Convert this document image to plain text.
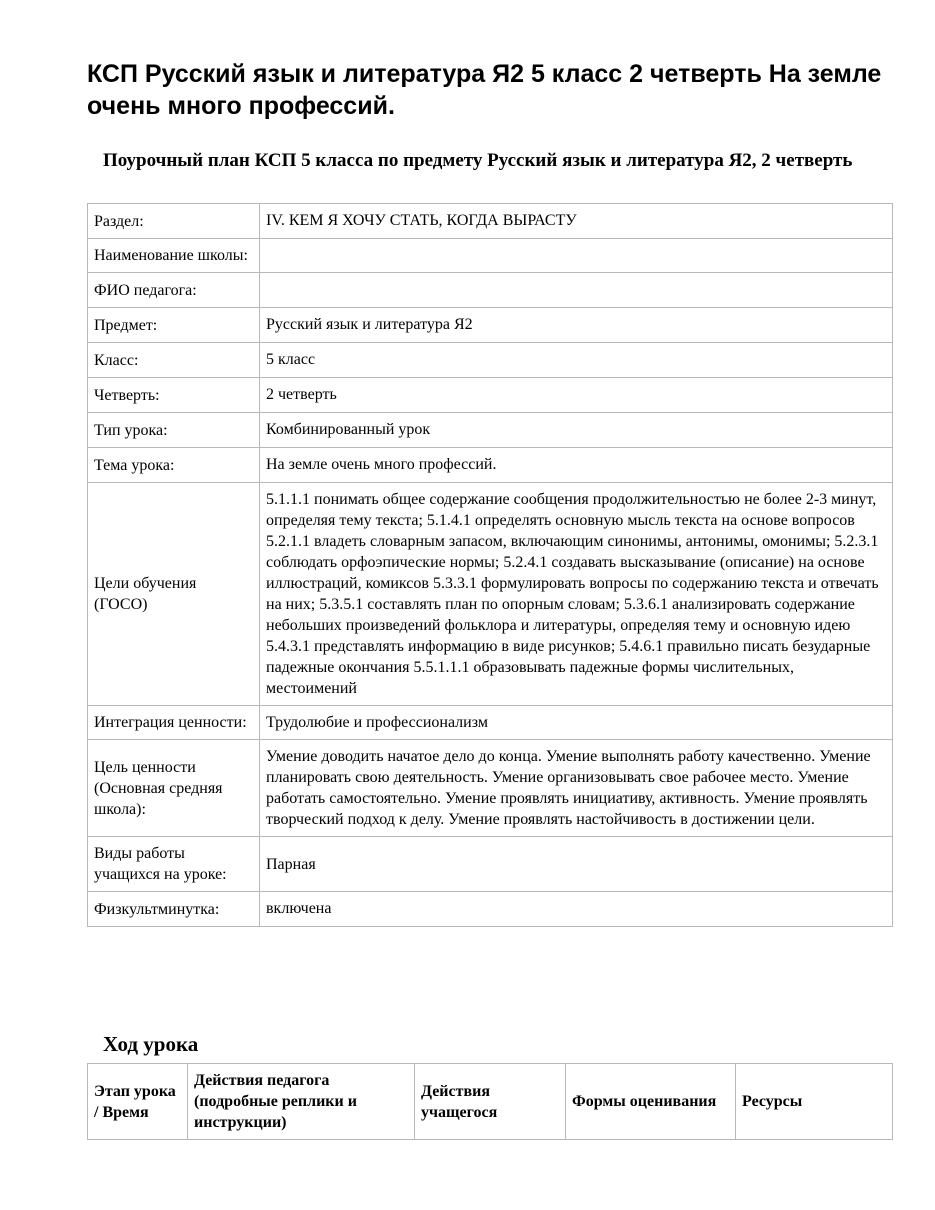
КСП Русский язык и литература Я2 5 класс 2 четверть На земле очень много профессий.
Поурочный план КСП 5 класса по предмету Русский язык и литература Я2, 2 четверть
Раздел:	IV. КЕМ Я ХОЧУ СТАТЬ, КОГДА ВЫРАСТУ
Наименование школы:	
ФИО педагога:	
Предмет:	Русский язык и литература Я2
Класс:	5 класс
Четверть:	2 четверть
Тип урока:	Комбинированный урок
Тема урока:	На земле очень много профессий.
Цели обучения (ГОСО)	5.1.1.1 понимать общее содержание сообщения продолжительностью не более 2-3 минут, определяя тему текста; 5.1.4.1 определять основную мысль текста на основе вопросов 5.2.1.1 владеть словарным запасом, включающим синонимы, антонимы, омонимы; 5.2.3.1 соблюдать орфоэпические нормы; 5.2.4.1 создавать высказывание (описание) на основе иллюстраций, комиксов 5.3.3.1 формулировать вопросы по содержанию текста и отвечать на них; 5.3.5.1 составлять план по опорным словам; 5.3.6.1 анализировать содержание небольших произведений фольклора и литературы, определяя тему и основную идею 5.4.3.1 представлять информацию в виде рисунков; 5.4.6.1 правильно писать безударные падежные окончания 5.5.1.1.1 образовывать падежные формы числительных, местоимений
Интеграция ценности:	Трудолюбие и профессионализм
Цель ценности (Основная средняя школа):	Умение доводить начатое дело до конца. Умение выполнять работу качественно. Умение планировать свою деятельность. Умение организовывать свое рабочее место. Умение работать самостоятельно. Умение проявлять инициативу, активность. Умение проявлять творческий подход к делу. Умение проявлять настойчивость в достижении цели.
Виды работы учащихся на уроке:	Парная
Физкультминутка:	включена
Ход урока
Этап урока / Время	Действия педагога (подробные реплики и инструкции)	Действия учащегося	Формы оценивания	Ресурсы
